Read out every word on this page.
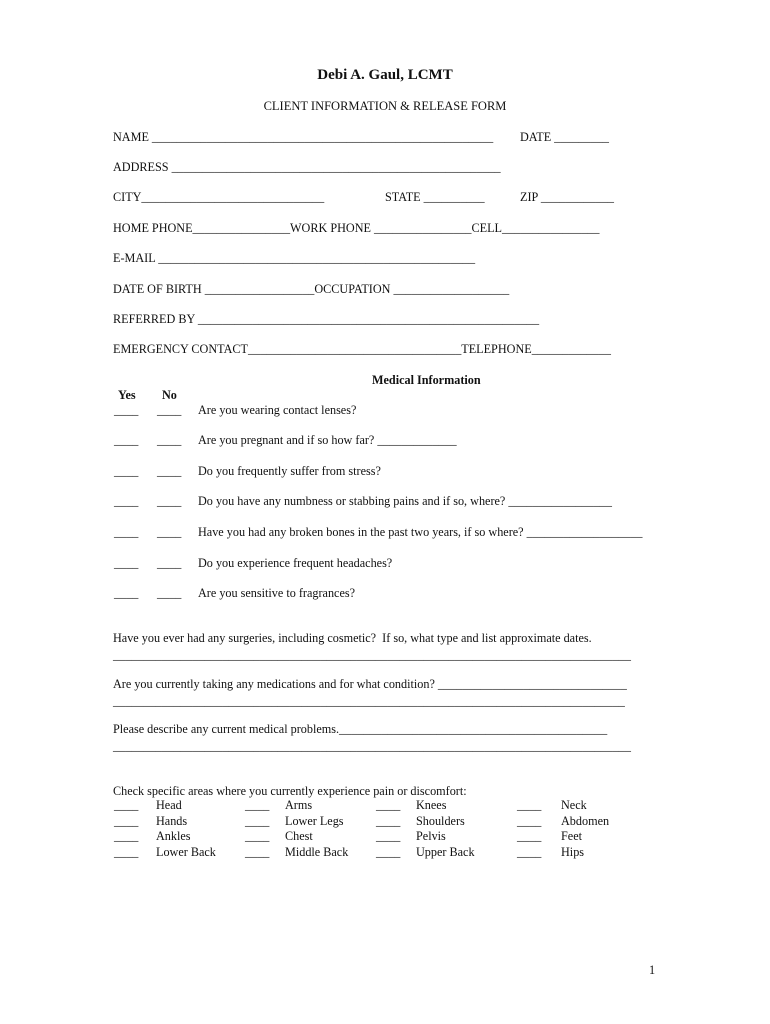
Debi A. Gaul, LCMT
CLIENT INFORMATION & RELEASE FORM
NAME ________________________________________________________ DATE _________
ADDRESS ______________________________________________________
CITY______________________________	STATE __________	ZIP ____________
HOME PHONE________________WORK PHONE ________________CELL________________
E-MAIL ____________________________________________________
DATE OF BIRTH __________________OCCUPATION ___________________
REFERRED BY ________________________________________________________
EMERGENCY CONTACT___________________________________TELEPHONE_____________
Medical Information
Yes No
____ ____ Are you wearing contact lenses?
____ ____ Are you pregnant and if so how far? _____________
____ ____ Do you frequently suffer from stress?
____ ____ Do you have any numbness or stabbing pains and if so, where? _________________
____ ____ Have you had any broken bones in the past two years, if so where? ___________________
____ ____ Do you experience frequent headaches?
____ ____ Are you sensitive to fragrances?
Have you ever had any surgeries, including cosmetic?  If so, what type and list approximate dates.
_____________________________________________________________________________________
Are you currently taking any medications and for what condition? _______________________________
____________________________________________________________________________________
Please describe any current medical problems.____________________________________________
_____________________________________________________________________________________
Check specific areas where you currently experience pain or discomfort:
____ Head
____ Hands
____ Ankles
____ Lower Back
____ Arms
____ Lower Legs
____ Chest
____ Middle Back
____ Knees
____ Shoulders
____ Pelvis
____ Upper Back
____ Neck
____ Abdomen
____ Feet
____ Hips
1
